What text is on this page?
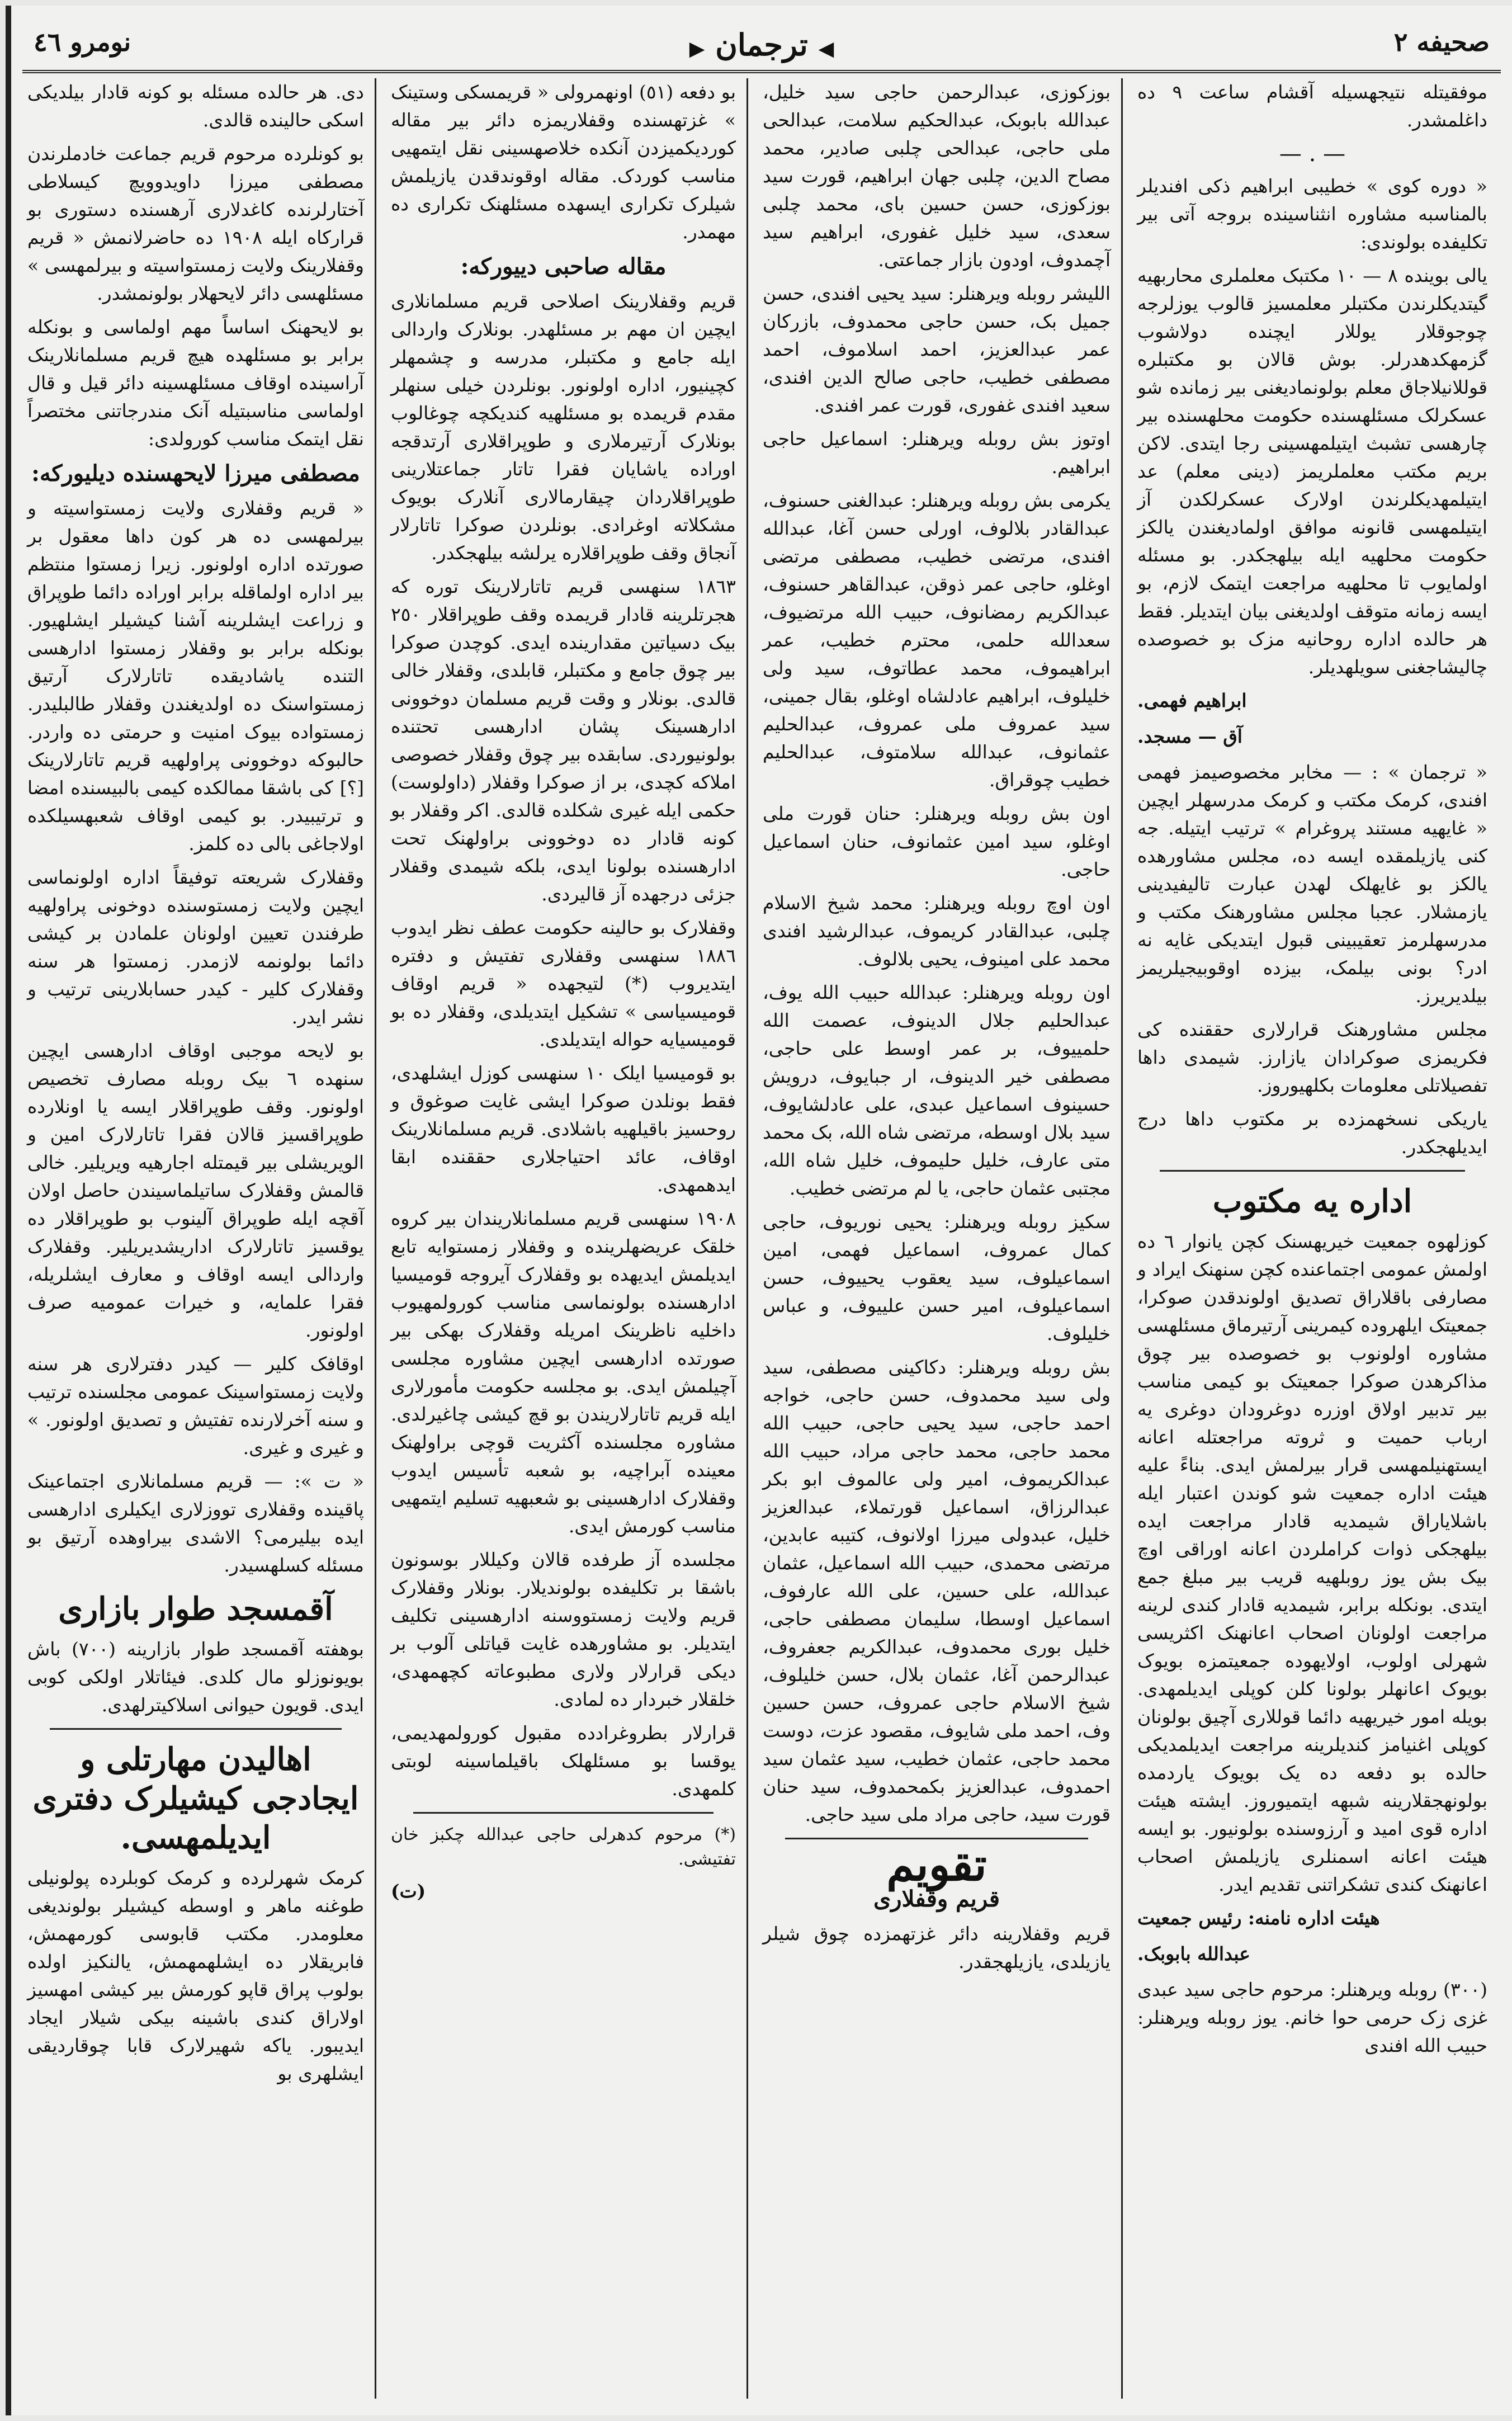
نومرو ٤٦	◀ ترجمان ▶	صحیفه ٢

موفقیتله نتیجهسیله آقشام ساعت ٩ ده داغلمشدر.

— . —

« دوره کوی » خطیبی ابراهیم ذکی افندیلر بالمناسبه مشاوره انثناسینده بروجه آتی بیر تکلیفده بولوندی:

یالی بوینده ٨ — ١٠ مکتبک معلملری محاربهیه گیتدیکلرندن مکتبلر معلمسیز قالوب یوزلرجه چوجوقلار یوللار ایچنده دولاشوب گزمهکدهدرلر. بوش قالان بو مکتبلره قوللانیلاجاق معلم بولونمادیغنی بیر زمانده شو عسکرلک مسئلهسنده حکومت محلهسنده بیر چارهسی تشبث ایتیلمهسینی رجا ایتدی. لاکن بریم مکتب معلملریمز (دینی معلم) عد ایتیلمهدیکلرندن اولارک عسکرلکدن آز ایتیلمهسی قانونه موافق اولمادیغندن یالکز حکومت محلهیه ایله بیلهجکدر. بو مسئله اولمایوب تا محلهیه مراجعت ایتمک لازم، بو ایسه زمانه متوقف اولدیغنی بیان ایتدیلر. فقط هر حالده اداره روحانیه مزک بو خصوصده چالیشاجغنی سویلهدیلر.

ابراهیم فهمی.
آق — مسجد.

« ترجمان » : — مخابر مخصوصیمز فهمی افندی، کرمک مکتب و کرمک مدرسهلر ایچین « غایهیه مستند پروغرام » ترتیب ایتیله. جه کنی یازیلمقده ایسه ده، مجلس مشاورهده یالکز بو غایهلک لهدن عبارت تالیفیدینی یازمشلار. عجبا مجلس مشاورهنک مکتب و مدرسهلرمز تعقیبینی قبول ایتدیکی غایه نه ادر؟ بونی بیلمک، بیزده اوقوبیجیلریمز بیلدیریرز.

مجلس مشاورهنک قرارلاری حققنده کی فکریمزی صوکرادان یازارز. شیمدی داها تفصیلاتلی معلومات بکلهیوروز.

یاریکی نسخهمزده بر مکتوب داها درج ایدیلهجکدر.

اداره یه مکتوب

کوزلهوه جمعیت خیریهسنک کچن یانوار ٦ ده اولمش عمومی اجتماعنده کچن سنهنک ایراد و مصارفی باقلاراق تصدیق اولوندقدن صوکرا، جمعیتک ایلهروده کیمرینی آرتیرماق مسئلهسی مشاوره اولونوب بو خصوصده بیر چوق مذاکرهدن صوکرا جمعیتک بو کیمی مناسب بیر تدبیر اولاق اوزره دوغرودان دوغری یه ارباب حمیت و ثروته مراجعتله اعانه ایستهنیلمهسی قرار بیرلمش ایدی. بناءً علیه هیئت اداره جمعیت شو کوندن اعتبار ایله باشلایاراق شیمدیه قادار مراجعت ایده بیلهجکی ذوات کراملردن اعانه اوراقی اوچ بیک بش یوز روبلهیه قریب بیر مبلغ جمع ایتدی. بونکله برابر، شیمدیه قادار کندی لرینه مراجعت اولونان اصحاب اعانهنک اکثریسی شهرلی اولوب، اولایهوده جمعیتمزه بویوک بویوک اعانهلر بولونا کلن کوپلی ایدیلمهدی. بویله امور خیریهیه دائما قوللاری آچیق بولونان کوپلی اغنیامز کندیلرینه مراجعت ایدیلمدیکی حالده بو دفعه ده یک بویوک یاردمده بولونهجقلارینه شبهه ایتمیوروز. ایشته هیئت اداره قوی امید و آرزوسنده بولونیور. بو ایسه هیئت اعانه اسمنلری یازیلمش اصحاب اعانهنک کندی تشکراتنی تقدیم ایدر.

هیئت اداره نامنه: رئیس جمعیت
عبدالله بابوبک.

(٣٠٠) روبله ویرهنلر: مرحوم حاجی سید عبدی غزی زک حرمی حوا خانم. یوز روبله ویرهنلر: حبیب الله افندی

بوزکوزی، عبدالرحمن حاجی سید خلیل، عبدالله بابوبک، عبدالحکیم سلامت، عبدالحی ملی حاجی، عبدالحی چلبی صادیر، محمد مصاح الدین، چلبی جهان ابراهیم، قورت سید بوزکوزی، حسن حسین بای، محمد چلبی سعدی، سید خلیل غفوری، ابراهیم سید آچمدوف، اودون بازار جماعتی.

اللیشر روبله ویرهنلر: سید یحیی افندی، حسن جمیل بک، حسن حاجی محمدوف، بازرکان عمر عبدالعزیز، احمد اسلاموف، احمد مصطفی خطیب، حاجی صالح الدین افندی، سعید افندی غفوری، قورت عمر افندی.

اوتوز بش روبله ویرهنلر: اسماعیل حاجی ابراهیم.

یکرمی بش روبله ویرهنلر: عبدالغنی حسنوف، عبدالقادر بلالوف، اورلی حسن آغا، عبدالله افندی، مرتضی خطیب، مصطفی مرتضی اوغلو، حاجی عمر ذوقن، عبدالقاهر حسنوف، عبدالکریم رمضانوف، حبیب الله مرتضیوف، سعدالله حلمی، محترم خطیب، عمر ابراهیموف، محمد عطاتوف، سید ولی خلیلوف، ابراهیم عادلشاه اوغلو، بقال جمینی، سید عمروف ملی عمروف، عبدالحلیم عثمانوف، عبدالله سلامتوف، عبدالحلیم خطیب چوقراق.

اون بش روبله ویرهنلر: حنان قورت ملی اوغلو، سید امین عثمانوف، حنان اسماعیل حاجی.

اون اوچ روبله ویرهنلر: محمد شیخ الاسلام چلبی، عبدالقادر کریموف، عبدالرشید افندی محمد علی امینوف، یحیی بلالوف.

اون روبله ویرهنلر: عبدالله حبیب الله یوف، عبدالحلیم جلال الدینوف، عصمت الله حلمییوف، بر عمر اوسط علی حاجی، مصطفی خیر الدینوف، ار جبایوف، درویش حسینوف اسماعیل عبدی، علی عادلشایوف، سید بلال اوسطه، مرتضی شاه الله، بک محمد متی عارف، خلیل حلیموف، خلیل شاه الله، مجتبی عثمان حاجی، یا لم مرتضی خطیب.

سکیز روبله ویرهنلر: یحیی نوریوف، حاجی کمال عمروف، اسماعیل فهمی، امین اسماعیلوف، سید یعقوب یحییوف، حسن اسماعیلوف، امیر حسن علییوف، و عباس خلیلوف.

بش روبله ویرهنلر: دکاکینی مصطفی، سید ولی سید محمدوف، حسن حاجی، خواجه احمد حاجی، سید یحیی حاجی، حبیب الله محمد حاجی، محمد حاجی مراد، حبیب الله عبدالکریموف، امیر ولی عالموف ابو بکر عبدالرزاق، اسماعیل قورتملاء، عبدالعزیز خلیل، عبدولی میرزا اولانوف، کتیبه عابدین، مرتضی محمدی، حبیب الله اسماعیل، عثمان عبدالله، علی حسین، علی الله عارفوف، اسماعیل اوسطا، سلیمان مصطفی حاجی، خلیل بوری محمدوف، عبدالکریم جعفروف، عبدالرحمن آغا، عثمان بلال، حسن خلیلوف، شیخ الاسلام حاجی عمروف، حسن حسین وف، احمد ملی شایوف، مقصود عزت، دوست محمد حاجی، عثمان خطیب، سید عثمان سید احمدوف، عبدالعزیز بکمحمدوف، سید حنان قورت سید، حاجی مراد ملی سید حاجی.

تقویم
قریم وقفلاری

قریم وقفلارینه دائر غزتهمزده چوق شیلر یازیلدی، یازیلهجقدر.

بو دفعه (٥١) اونهمرولی « قریمسکی وستینک » غزتهسنده وقفلاریمزه دائر بیر مقاله کوردیکمیزدن آنکده خلاصهسینی نقل ایتمهیی مناسب کوردک. مقاله اوقوندقدن یازیلمش شیلرک تکراری ایسهده مسئلهنک تکراری ده مهمدر.

مقاله صاحبی دییورکه:

قریم وقفلارینک اصلاحی قریم مسلمانلاری ایچین ان مهم بر مسئلهدر. بونلارک واردالی ایله جامع و مکتبلر، مدرسه و چشمهلر کچینیور، اداره اولونور. بونلردن خیلی سنهلر مقدم قریمده بو مسئلهیه کندیکچه چوغالوب بونلارک آرتیرملاری و طوپراقلاری آرتدقجه اوراده یاشایان فقرا تاتار جماعتلارینی طوپراقلاردان چیقارمالاری آنلارک بویوک مشکلاته اوغرادی. بونلردن صوکرا تاتارلار آنجاق وقف طوپراقلاره یرلشه بیلهجکدر.

١٨٦٣ سنهسی قریم تاتارلارینک توره که هجرتلرینه قادار قریمده وقف طوپراقلار ٢٥٠ بیک دسیاتین مقدارینده ایدی. کوچدن صوکرا بیر چوق جامع و مکتبلر، قابلدی، وقفلار خالی قالدی. بونلار و وقت قریم مسلمان دوخوونی ادارهسینک پشان ادارهسی تحتنده بولونیوردی. سابقده بیر چوق وقفلار خصوصی املاکه کچدی، بر از صوکرا وقفلار (داولوست) حکمی ایله غیری شکلده قالدی. اکر وقفلار بو کونه قادار ده دوخوونی براولهنک تحت ادارهسنده بولونا ایدی، بلکه شیمدی وقفلار جزئی درجهده آز قالیردی.

وقفلارک بو حالینه حکومت عطف نظر ایدوب ١٨٨٦ سنهسی وقفلاری تفتیش و دفتره ایتدیروب (*) لتیجهده « قریم اوقاف قومیسیاسی » تشکیل ایتدیلدی، وقفلار ده بو قومیسیایه حواله ایتدیلدی.

بو قومیسیا ایلک ١٠ سنهسی کوزل ایشلهدی، فقط بونلدن صوکرا ایشی غایت صوغوق و روحسیز باقیلهیه باشلادی. قریم مسلمانلارینک اوقاف، عائد احتیاجلاری حققنده ابقا ایدهمهدی.

١٩٠٨ سنهسی قریم مسلمانلاریندان بیر کروه خلقک عریضهلرینده و وقفلار زمستوایه تابع ایدیلمش ایدیهده بو وقفلارک آیروجه قومیسیا ادارهسنده بولونماسی مناسب کورولمهیوب داخلیه ناظرینک امریله وقفلارک بهکی بیر صورتده ادارهسی ایچین مشاوره مجلسی آچیلمش ایدی. بو مجلسه حکومت مأمورلاری ایله قریم تاتارلاریندن بو قچ کیشی چاغیرلدی. مشاوره مجلسنده آکثریت قوچی براولهنک معینده آبراچیه، بو شعبه تأسیس ایدوب وقفلارک ادارهسینی بو شعبهیه تسلیم ایتمهیی مناسب کورمش ایدی.

مجلسده آز طرفده قالان وکیللار بوسونون باشقا بر تکلیفده بولوندیلار. بونلار وقفلارک قریم ولایت زمستووسنه ادارهسینی تکلیف ایتدیلر. بو مشاورهده غایت قیاتلی آلوب بر دیکی قرارلار ولاری مطبوعاته کچهمهدی، خلقلار خبردار ده لمادی.

قرارلار بطروغرادده مقبول کورولمهدیمی، یوقسا بو مسئلهلک باقیلماسینه لوبتی کلمهدی.

(*) مرحوم کدهرلی حاجی عبدالله چکبز خان تفتیشی.

(ت)

دی. هر حالده مسئله بو کونه قادار بیلدیکی اسکی حالینده قالدی.

بو کونلرده مرحوم قریم جماعت خادملرندن مصطفی میرزا داویدوویچ کیسلاطی آختارلرنده کاغدلاری آرهسنده دستوری بو قرارکاه ایله ١٩٠٨ ده حاضرلانمش « قریم وقفلارینک ولایت زمستواسیته و بیرلمهسی » مسئلهسی دائر لایحهلار بولونمشدر.

بو لایحهنک اساساً مهم اولماسی و بونکله برابر بو مسئلهده هیچ قریم مسلمانلارینک آراسینده اوقاف مسئلهسینه دائر قیل و قال اولماسی مناسبتیله آنک مندرجاتنی مختصراً نقل ایتمک مناسب کورولدی:

مصطفی میرزا لایحهسنده دیلیورکه:

« قریم وقفلاری ولایت زمستواسیته و بیرلمهسی ده هر کون داها معقول بر صورتده اداره اولونور. زیرا زمستوا منتظم بیر اداره اولماقله برابر اوراده دائما طوپراق و زراعت ایشلرینه آشنا کیشیلر ایشلهیور. بونکله برابر بو وقفلار زمستوا ادارهسی التنده یاشادیقده تاتارلارک آرتیق زمستواسنک ده اولدیغندن وقفلار طالبلیدر. زمستواده بیوک امنیت و حرمتی ده واردر. حالبوکه دوخوونی پراولهیه قریم تاتارلارینک [؟] کی باشقا ممالکده کیمی بالبیسنده امضا و ترتیبیدر. بو کیمی اوقاف شعبهسیلکده اولاجاغی بالی ده کلمز.

وقفلارک شریعته توفیقاً اداره اولونماسی ایچین ولایت زمستوسنده دوخونی پراولهیه طرفندن تعیین اولونان علمادن بر کیشی دائما بولونمه لازمدر. زمستوا هر سنه وقفلارک کلیر - کیدر حسابلارینی ترتیب و نشر ایدر.

بو لایحه موجبی اوقاف ادارهسی ایچین سنهده ٦ بیک روبله مصارف تخصیص اولونور. وقف طوپراقلار ایسه یا اونلارده طوپراقسیز قالان فقرا تاتارلارک امین و الویریشلی بیر قیمتله اجارهیه ویریلیر. خالی قالمش وقفلارک ساتیلماسیندن حاصل اولان آقچه ایله طوپراق آلینوب بو طوپراقلار ده یوقسیز تاتارلارک اداریشدیریلیر. وقفلارک واردالی ایسه اوقاف و معارف ایشلریله، فقرا علمایه، و خیرات عمومیه صرف اولونور.

اوقافک کلیر — کیدر دفترلاری هر سنه ولایت زمستواسینک عمومی مجلسنده ترتیب و سنه آخرلارنده تفتیش و تصدیق اولونور. » و غیری و غیری.

« ت »: — قریم مسلمانلاری اجتماعینک پاقینده وقفلاری تووزلاری ایکیلری ادارهسی ایده بیلیرمی؟ الاشدی بیراوهده آرتیق بو مسئله کسلهسیدر.

آقمسجد طوار بازاری

بوهفته آقمسجد طوار بازارینه (٧٠٠) باش بویونوزلو مال کلدی. فیئاتلار اولکی کوبی ایدی. قویون حیوانی اسلاکیترلهدی.

اهالیدن مهارتلی و ایجادجی کیشیلرک دفتری ایدیلمهسی.

کرمک شهرلرده و کرمک کوبلرده پولونیلی طوغنه ماهر و اوسطه کیشیلر بولوندیغی معلومدر. مکتب قابوسی کورمهمش، فابریقلار ده ایشلهمهمش، یالنکیز اولده بولوب پراق قاپو کورمش بیر کیشی امهسیز اولاراق کندی باشینه بیکی شیلار ایجاد ایدیبور. یاکه شهیرلارک قابا چوقاردیقی ایشلهری بو
